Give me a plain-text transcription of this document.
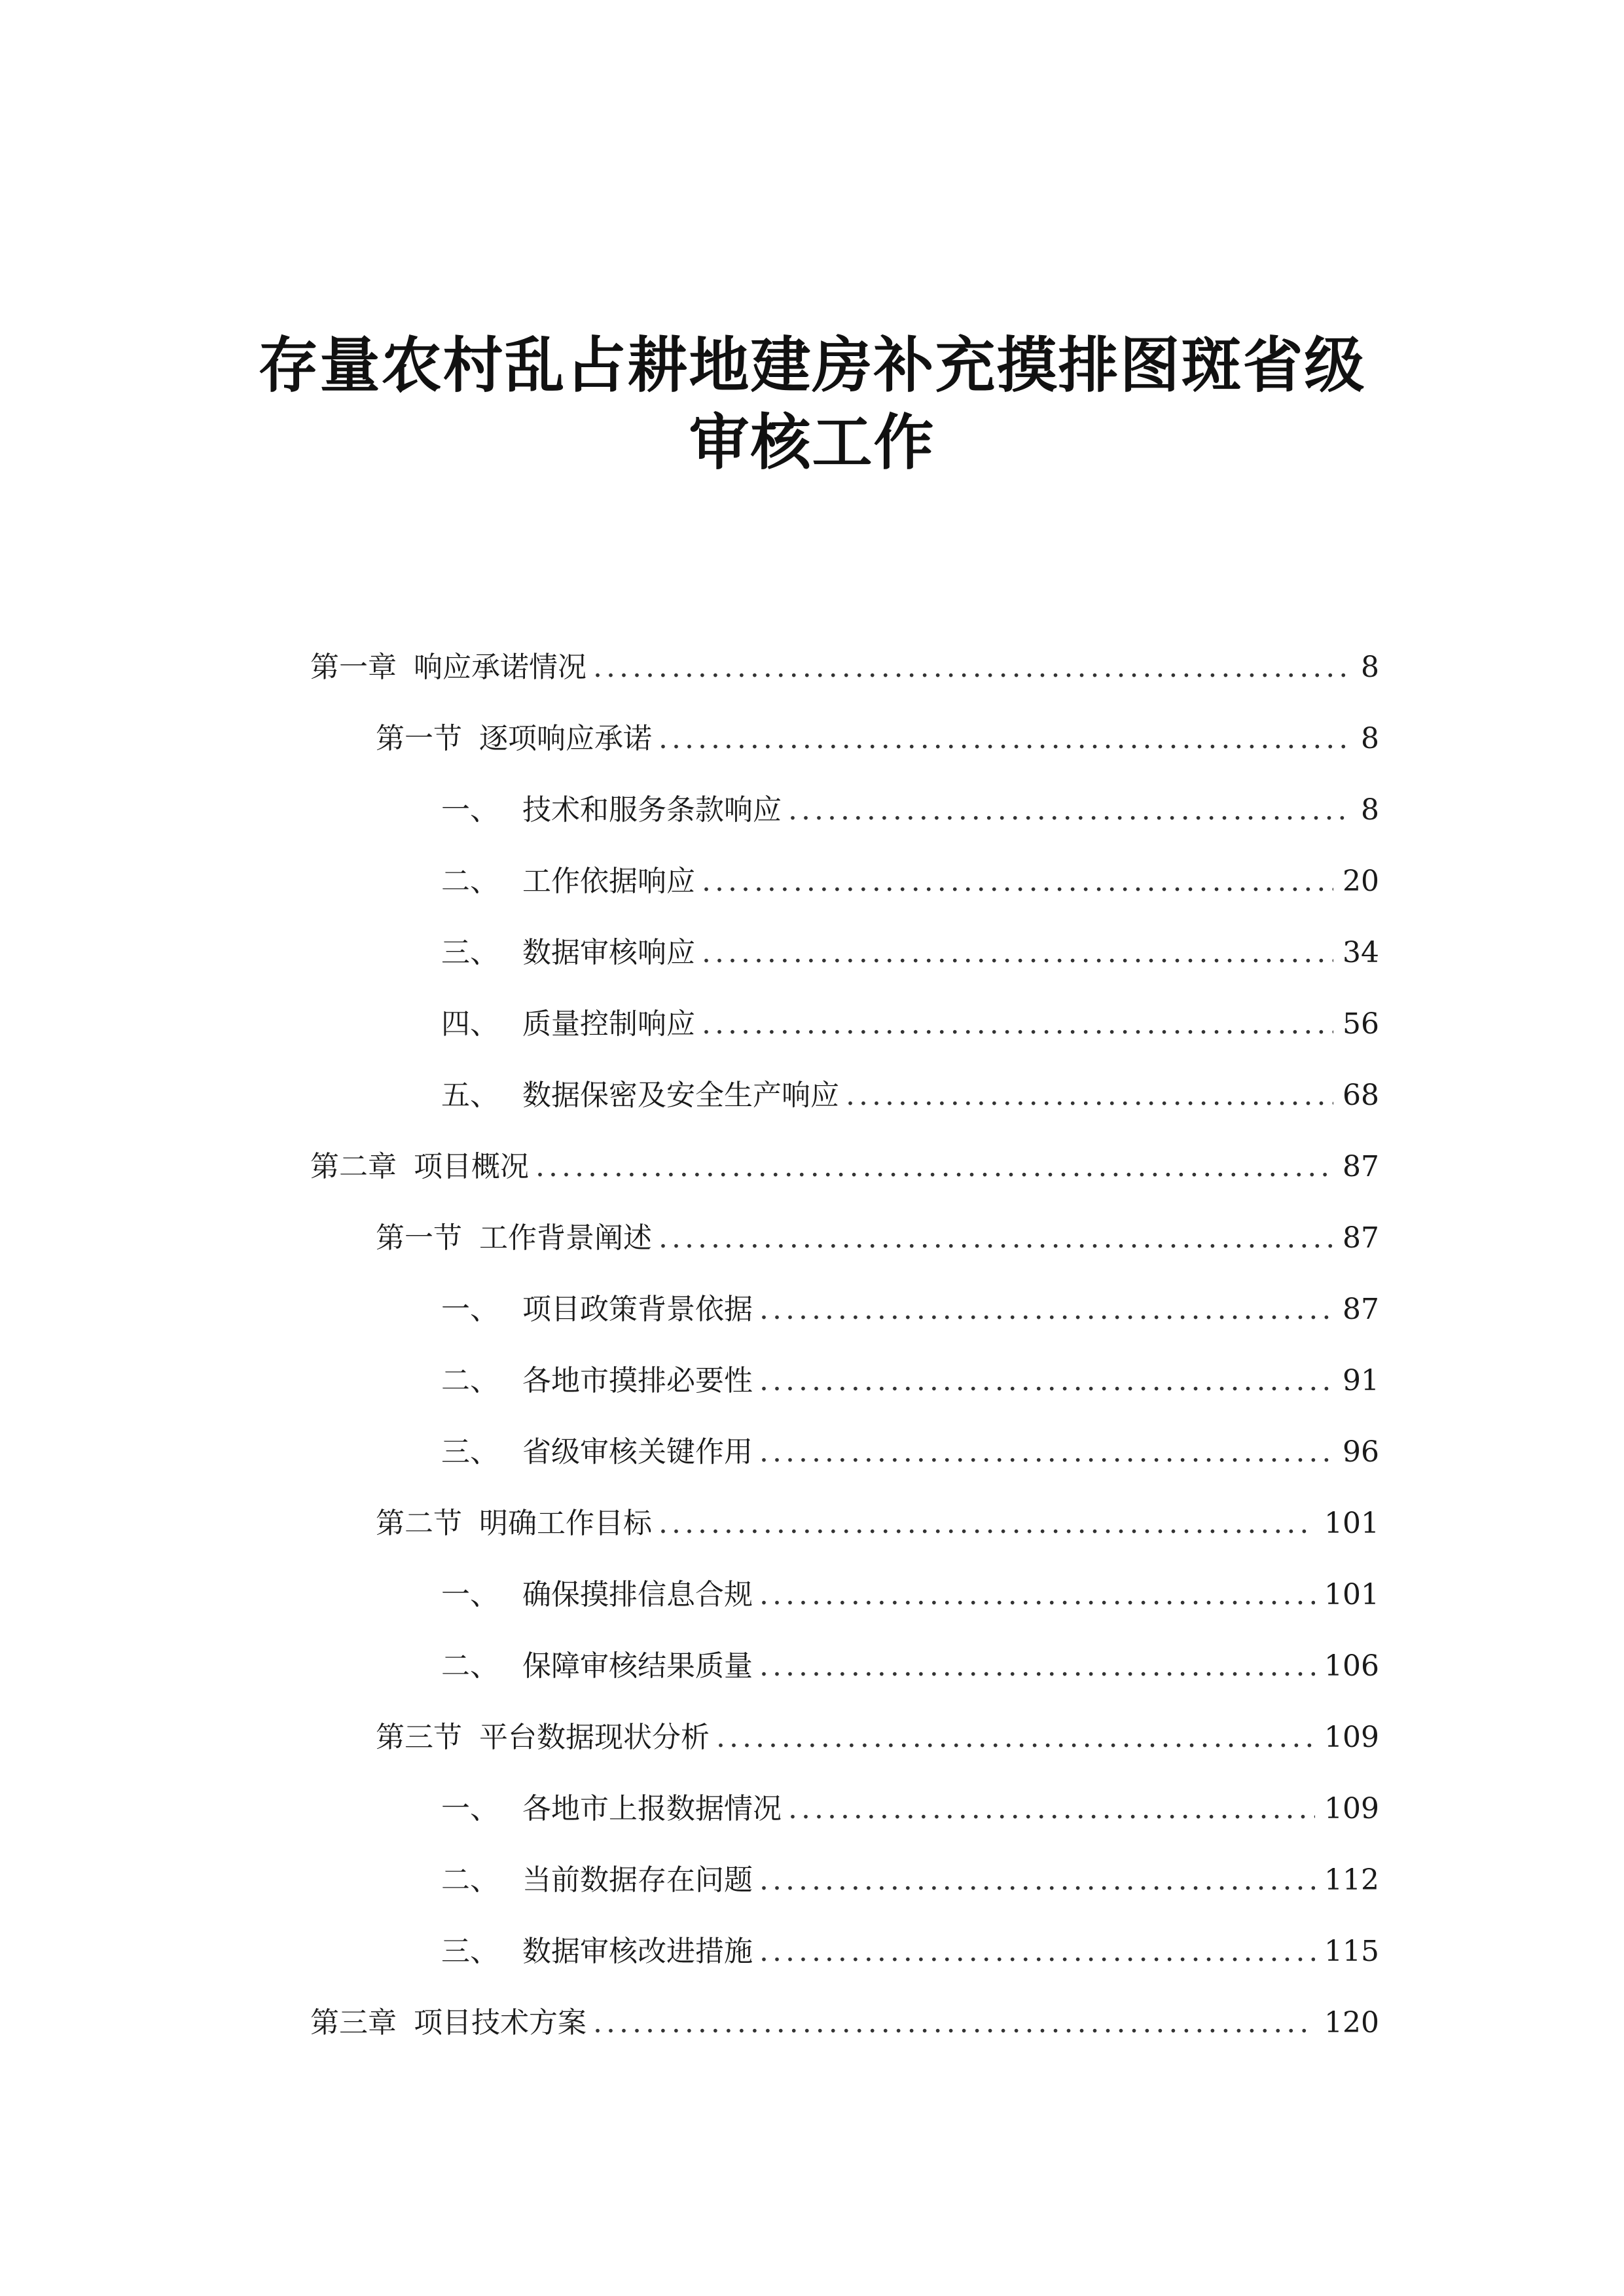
存量农村乱占耕地建房补充摸排图斑省级
审核工作
第一章 响应承诺情况 .....	8
第一节 逐项响应承诺 .....	8
一、 技术和服务条款响应 .....	8
二、 工作依据响应 .....	20
三、 数据审核响应 .....	34
四、 质量控制响应 .....	56
五、 数据保密及安全生产响应 .....	68
第二章 项目概况 .....	87
第一节 工作背景阐述 .....	87
一、 项目政策背景依据 .....	87
二、 各地市摸排必要性 .....	91
三、 省级审核关键作用 .....	96
第二节 明确工作目标 .....	101
一、 确保摸排信息合规 .....	101
二、 保障审核结果质量 .....	106
第三节 平台数据现状分析 .....	109
一、 各地市上报数据情况 .....	109
二、 当前数据存在问题 .....	112
三、 数据审核改进措施 .....	115
第三章 项目技术方案 .....	120
